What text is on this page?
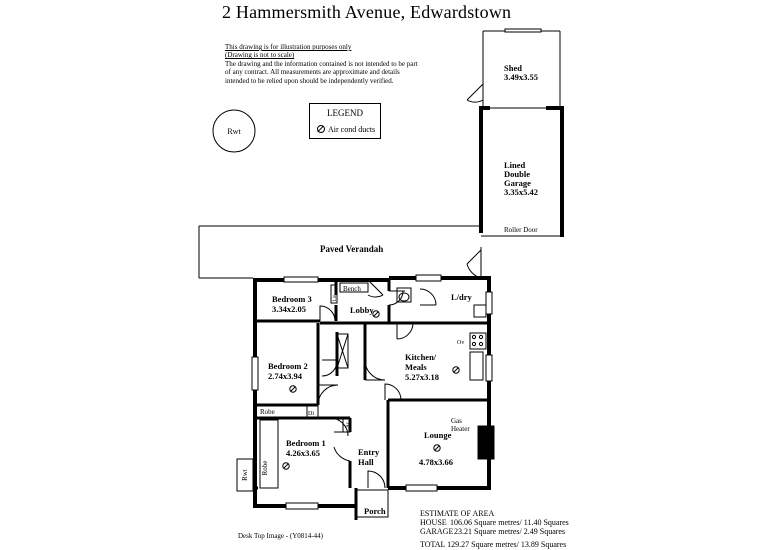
2 Hammersmith Avenue, Edwardstown
This drawing is for illustration purposes only
(Drawing is not to scale)
The drawing and the information contained is not intended to be part of any contract. All measurements are approximate and details intended to be relied upon should be independently verified.
LEGEND
Air cond ducts
Rwt
Shed
3.49x3.55
Lined
Double
Garage
3.35x5.42
Roller Door
Paved Verandah
Bedroom 3
3.34x2.05
Bench
Lin
Lobby
L/dry
Bedroom 2
2.74x3.94
Kitchen/
Meals
5.27x3.18
Ov
Robe	Di
Ac	Gas
Heater
Lounge
4.78x3.66
Bedroom 1
4.26x3.65
Robe
Rwt
Entry
Hall
Porch	ESTIMATE OF AREA
HOUSE 106.06 Square metres/ 11.40 Squares
GARAGE 23.21 Square metres/ 2.49 Squares
Desk Top Image - (Y0814-44)
TOTAL 129.27 Square metres/ 13.89 Squares
